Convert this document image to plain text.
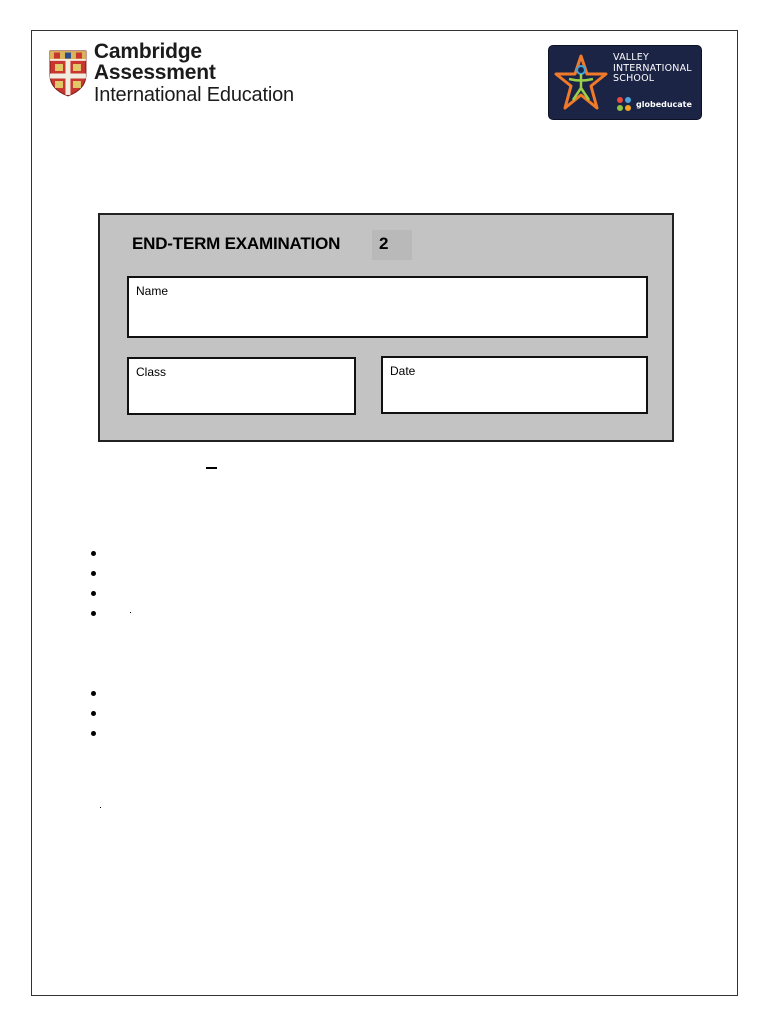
Cambridge Assessment
International Education
VALLEY
INTERNATIONAL
SCHOOL
globeducate
END-TERM EXAMINATION	2
Name
Class	Date
